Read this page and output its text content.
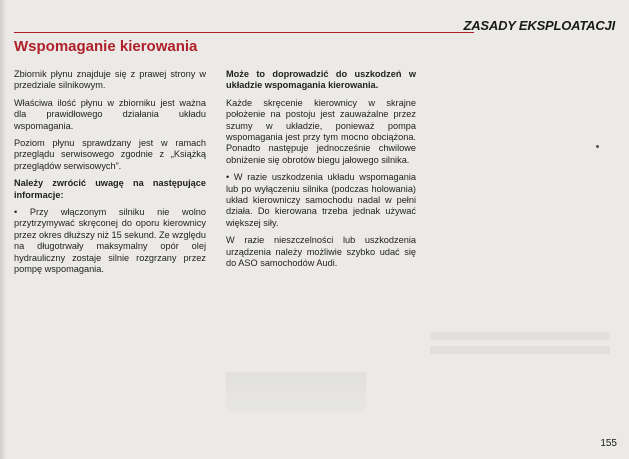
ZASADY EKSPLOATACJI
Wspomaganie kierowania

Zbiornik płynu znajduje się z prawej strony w przedziale silnikowym.

Właściwa ilość płynu w zbiorniku jest ważna dla prawidłowego działania układu wspomagania.

Poziom płynu sprawdzany jest w ramach przeglądu serwisowego zgodnie z „Książką przeglądów serwisowych”.

Należy zwrócić uwagę na następujące informacje:

• Przy włączonym silniku nie wolno przytrzymywać skręconej do oporu kierownicy przez okres dłuższy niż 15 sekund. Ze względu na długotrwały maksymalny opór olej hydrauliczny zostaje silnie rozgrzany przez pompę wspomagania.

Może to doprowadzić do uszkodzeń w układzie wspomagania kierowania.

Każde skręcenie kierownicy w skrajne położenie na postoju jest zauważalne przez szumy w układzie, ponieważ pompa wspomagania jest przy tym mocno obciążona. Ponadto następuje jednocześnie chwilowe obniżenie się obrotów biegu jałowego silnika.

• W razie uszkodzenia układu wspomagania lub po wyłączeniu silnika (podczas holowania) układ kierowniczy samochodu nadal w pełni działa. Do kierowana trzeba jednak używać większej siły.

W razie nieszczelności lub uszkodzenia urządzenia należy możliwie szybko udać się do ASO samochodów Audi.

155
